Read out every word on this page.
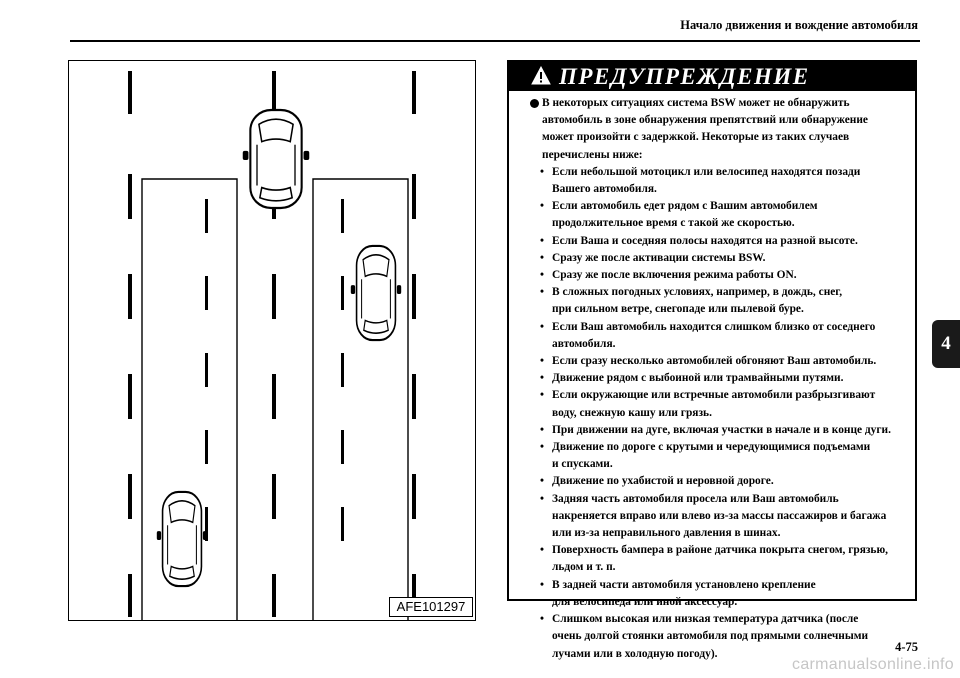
Начало движения и вождение автомобиля
AFE101297
ПРЕДУПРЕЖДЕНИЕ
В некоторых ситуациях система BSW может не обнаружить
автомобиль в зоне обнаружения препятствий или обнаружение
может произойти с задержкой. Некоторые из таких случаев
перечислены ниже:
• Если небольшой мотоцикл или велосипед находятся позади
Вашего автомобиля.
• Если автомобиль едет рядом с Вашим автомобилем
продолжительное время с такой же скоростью.
• Если Ваша и соседняя полосы находятся на разной высоте.
• Сразу же после активации системы BSW.
• Сразу же после включения режима работы ON.
• В сложных погодных условиях, например, в дождь, снег,
при сильном ветре, снегопаде или пылевой буре.
• Если Ваш автомобиль находится слишком близко от соседнего
автомобиля.
• Если сразу несколько автомобилей обгоняют Ваш автомобиль.
• Движение рядом с выбоиной или трамвайными путями.
• Если окружающие или встречные автомобили разбрызгивают
воду, снежную кашу или грязь.
• При движении на дуге, включая участки в начале и в конце дуги.
• Движение по дороге с крутыми и чередующимися подъемами
и спусками.
• Движение по ухабистой и неровной дороге.
• Задняя часть автомобиля просела или Ваш автомобиль
накреняется вправо или влево из-за массы пассажиров и багажа
или из-за неправильного давления в шинах.
• Поверхность бампера в районе датчика покрыта снегом, грязью,
льдом и т. п.
• В задней части автомобиля установлено крепление
для велосипеда или иной аксессуар.
• Слишком высокая или низкая температура датчика (после
очень долгой стоянки автомобиля под прямыми солнечными
лучами или в холодную погоду).
4
4-75
carmanualsonline.info
